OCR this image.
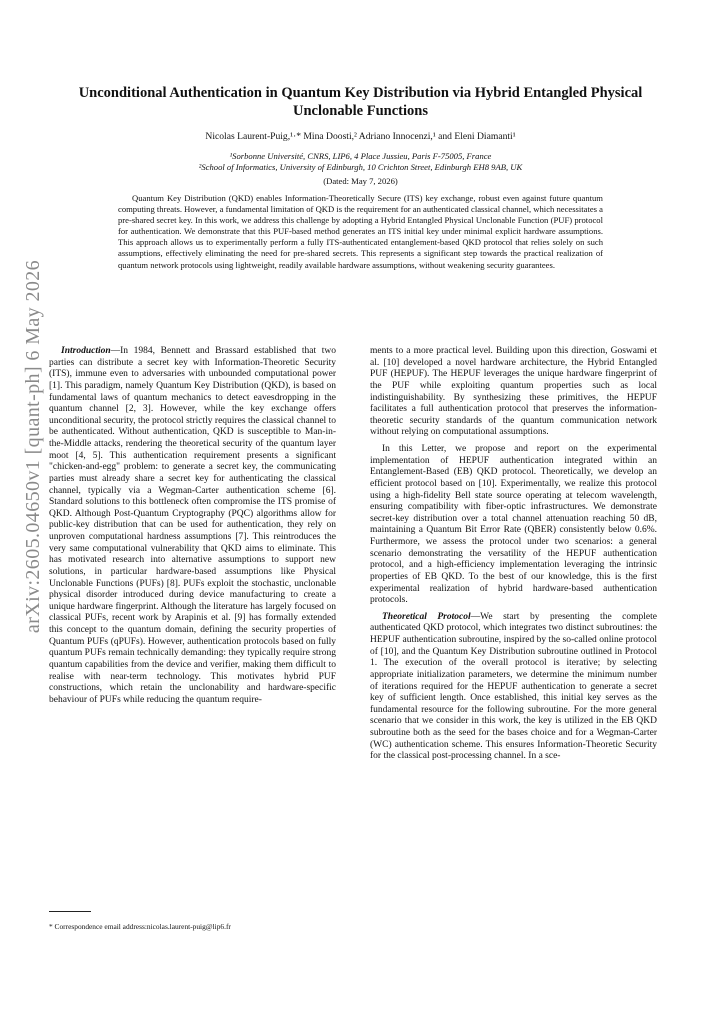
arXiv:2605.04650v1 [quant-ph] 6 May 2026
Unconditional Authentication in Quantum Key Distribution via Hybrid Entangled Physical Unclonable Functions
Nicolas Laurent-Puig,¹·* Mina Doosti,² Adriano Innocenzi,¹ and Eleni Diamanti¹
¹Sorbonne Université, CNRS, LIP6, 4 Place Jussieu, Paris F-75005, France
²School of Informatics, University of Edinburgh, 10 Crichton Street, Edinburgh EH8 9AB, UK
(Dated: May 7, 2026)

Quantum Key Distribution (QKD) enables Information-Theoretically Secure (ITS) key exchange, robust even against future quantum computing threats. However, a fundamental limitation of QKD is the requirement for an authenticated classical channel, which necessitates a pre-shared secret key. In this work, we address this challenge by adopting a Hybrid Entangled Physical Unclonable Function (PUF) protocol for authentication. We demonstrate that this PUF-based method generates an ITS initial key under minimal explicit hardware assumptions. This approach allows us to experimentally perform a fully ITS-authenticated entanglement-based QKD protocol that relies solely on such assumptions, effectively eliminating the need for pre-shared secrets. This represents a significant step towards the practical realization of quantum network protocols using lightweight, readily available hardware assumptions, without weakening security guarantees.

Introduction—In 1984, Bennett and Brassard established that two parties can distribute a secret key with Information-Theoretic Security (ITS), immune even to adversaries with unbounded computational power [1]. This paradigm, namely Quantum Key Distribution (QKD), is based on fundamental laws of quantum mechanics to detect eavesdropping in the quantum channel [2, 3]. However, while the key exchange offers unconditional security, the protocol strictly requires the classical channel to be authenticated. Without authentication, QKD is susceptible to Man-in-the-Middle attacks, rendering the theoretical security of the quantum layer moot [4, 5]. This authentication requirement presents a significant "chicken-and-egg" problem: to generate a secret key, the communicating parties must already share a secret key for authenticating the classical channel, typically via a Wegman-Carter authentication scheme [6]. Standard solutions to this bottleneck often compromise the ITS promise of QKD. Although Post-Quantum Cryptography (PQC) algorithms allow for public-key distribution that can be used for authentication, they rely on unproven computational hardness assumptions [7]. This reintroduces the very same computational vulnerability that QKD aims to eliminate. This has motivated research into alternative assumptions to support new solutions, in particular hardware-based assumptions like Physical Unclonable Functions (PUFs) [8]. PUFs exploit the stochastic, unclonable physical disorder introduced during device manufacturing to create a unique hardware fingerprint. Although the literature has largely focused on classical PUFs, recent work by Arapinis et al. [9] has formally extended this concept to the quantum domain, defining the security properties of Quantum PUFs (qPUFs). However, authentication protocols based on fully quantum PUFs remain technically demanding: they typically require strong quantum capabilities from the device and verifier, making them difficult to realise with near-term technology. This motivates hybrid PUF constructions, which retain the unclonability and hardware-specific behaviour of PUFs while reducing the quantum require-

ments to a more practical level. Building upon this direction, Goswami et al. [10] developed a novel hardware architecture, the Hybrid Entangled PUF (HEPUF). The HEPUF leverages the unique hardware fingerprint of the PUF while exploiting quantum properties such as local indistinguishability. By synthesizing these primitives, the HEPUF facilitates a full authentication protocol that preserves the information-theoretic security standards of the quantum communication network without relying on computational assumptions.

In this Letter, we propose and report on the experimental implementation of HEPUF authentication integrated within an Entanglement-Based (EB) QKD protocol. Theoretically, we develop an efficient protocol based on [10]. Experimentally, we realize this protocol using a high-fidelity Bell state source operating at telecom wavelength, ensuring compatibility with fiber-optic infrastructures. We demonstrate secret-key distribution over a total channel attenuation reaching 50 dB, maintaining a Quantum Bit Error Rate (QBER) consistently below 0.6%. Furthermore, we assess the protocol under two scenarios: a general scenario demonstrating the versatility of the HEPUF authentication protocol, and a high-efficiency implementation leveraging the intrinsic properties of EB QKD. To the best of our knowledge, this is the first experimental realization of hybrid hardware-based authentication protocols.

Theoretical Protocol—We start by presenting the complete authenticated QKD protocol, which integrates two distinct subroutines: the HEPUF authentication subroutine, inspired by the so-called online protocol of [10], and the Quantum Key Distribution subroutine outlined in Protocol 1. The execution of the overall protocol is iterative; by selecting appropriate initialization parameters, we determine the minimum number of iterations required for the HEPUF authentication to generate a secret key of sufficient length. Once established, this initial key serves as the fundamental resource for the following subroutine. For the more general scenario that we consider in this work, the key is utilized in the EB QKD subroutine both as the seed for the bases choice and for a Wegman-Carter (WC) authentication scheme. This ensures Information-Theoretic Security for the classical post-processing channel. In a sce-

* Correspondence email address:nicolas.laurent-puig@lip6.fr
